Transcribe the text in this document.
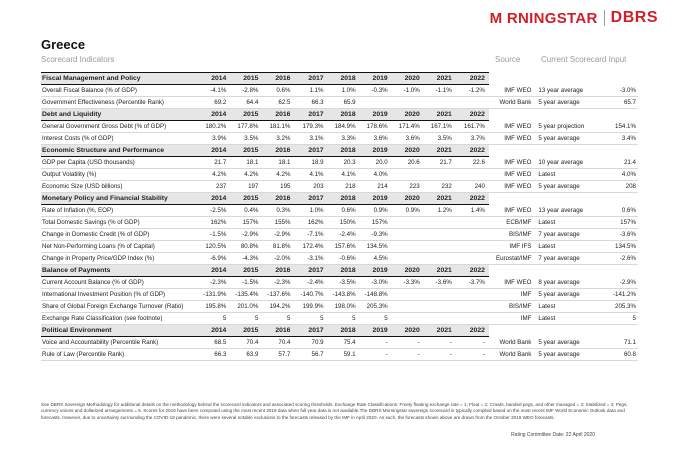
M RNINGSTAR DBRS
Greece
Scorecard Indicators	Source	Current Scorecard Input
Fiscal Management and Policy	2014	2015	2016	2017	2018	2019	2020	2021	2022			
Overall Fiscal Balance (% of GDP)	-4.1%	-2.8%	0.6%	1.1%	1.0%	-0.3%	-1.0%	-1.1%	-1.2%	IMF WEO	13 year average	-3.0%
Government Effectiveness (Percentile Rank)	69.2	64.4	62.5	66.3	65.9					World Bank	5 year average	65.7
Debt and Liquidity	2014	2015	2016	2017	2018	2019	2020	2021	2022			
General Government Gross Debt (% of GDP)	180.2%	177.8%	181.1%	179.3%	184.9%	178.6%	171.4%	167.1%	161.7%	IMF WEO	5 year projection	154.1%
Interest Costs (% of GDP)	3.9%	3.5%	3.2%	3.1%	3.3%	3.6%	3.6%	3.5%	3.7%	IMF WEO	5 year average	3.4%
Economic Structure and Performance	2014	2015	2016	2017	2018	2019	2020	2021	2022			
GDP per Capita (USD thousands)	21.7	18.1	18.1	18.9	20.3	20.0	20.6	21.7	22.6	IMF WEO	10 year average	21.4
Output Volatility (%)	4.2%	4.2%	4.2%	4.1%	4.1%	4.0%				IMF WEO	Latest	4.0%
Economic Size (USD billions)	237	197	195	203	218	214	223	232	240	IMF WEO	5 year average	208
Monetary Policy and Financial Stability	2014	2015	2016	2017	2018	2019	2020	2021	2022			
Rate of Inflation (%, EOP)	-2.5%	0.4%	0.3%	1.0%	0.6%	0.9%	0.9%	1.2%	1.4%	IMF WEO	13 year average	0.6%
Total Domestic Savings (% of GDP)	162%	157%	155%	162%	150%	157%				ECB/IMF	Latest	157%
Change in Domestic Credit (% of GDP)	-1.5%	-2.9%	-2.9%	-7.1%	-2.4%	-9.3%				BIS/IMF	7 year average	-3.6%
Net Non-Performing Loans (% of Capital)	120.5%	80.8%	81.8%	172.4%	157.6%	134.5%				IMF IFS	Latest	134.5%
Change in Property Price/GDP Index (%)	-6.9%	-4.3%	-2.0%	-3.1%	-0.6%	4.5%				Eurostat/IMF	7 year average	-2.6%
Balance of Payments	2014	2015	2016	2017	2018	2019	2020	2021	2022			
Current Account Balance (% of GDP)	-2.3%	-1.5%	-2.3%	-2.4%	-3.5%	-3.0%	-3.3%	-3.6%	-3.7%	IMF WEO	8 year average	-2.9%
International Investment Position (% of GDP)	-131.9%	-135.4%	-137.6%	-140.7%	-143.8%	-148.8%				IMF	5 year average	-141.2%
Share of Global Foreign Exchange Turnover (Ratio)	195.8%	201.0%	194.2%	199.9%	198.0%	205.3%				BIS/IMF	Latest	205.3%
Exchange Rate Classification (see footnote)	5	5	5	5	5	5				IMF	Latest	5
Political Environment	2014	2015	2016	2017	2018	2019	2020	2021	2022			
Voice and Accountability (Percentile Rank)	68.5	70.4	70.4	70.9	75.4	-	-	-	-	World Bank	5 year average	71.1
Rule of Law (Percentile Rank)	66.3	63.9	57.7	56.7	59.1	-	-	-	-	World Bank	5 year average	60.8
See DBRS Sovereign Methodology for additional details on the methodology behind the scorecard indicators and associated scoring thresholds. Exchange Rate Classifications: Freely floating exchange rate = 1; Float = 2; Crawls, banded pegs, and other managed = 3; Stabilized = 4; Pegs, currency unions and dollarized arrangements = 5. Scores for 2019 have been computed using the most recent 2019 data when full year data is not available.The DBRS Morningstar sovereign scorecard is typically compiled based on the most recent IMF World Economic Outlook data and forecasts. However, due to uncertainty surrounding the COVID-19 pandemic, there were several notable exclusions to the forecasts released by the IMF in April 2020. As such, the forecasts shown above are drawn from the October 2019 WEO forecasts.
Rating Committee Date: 22 April 2020
